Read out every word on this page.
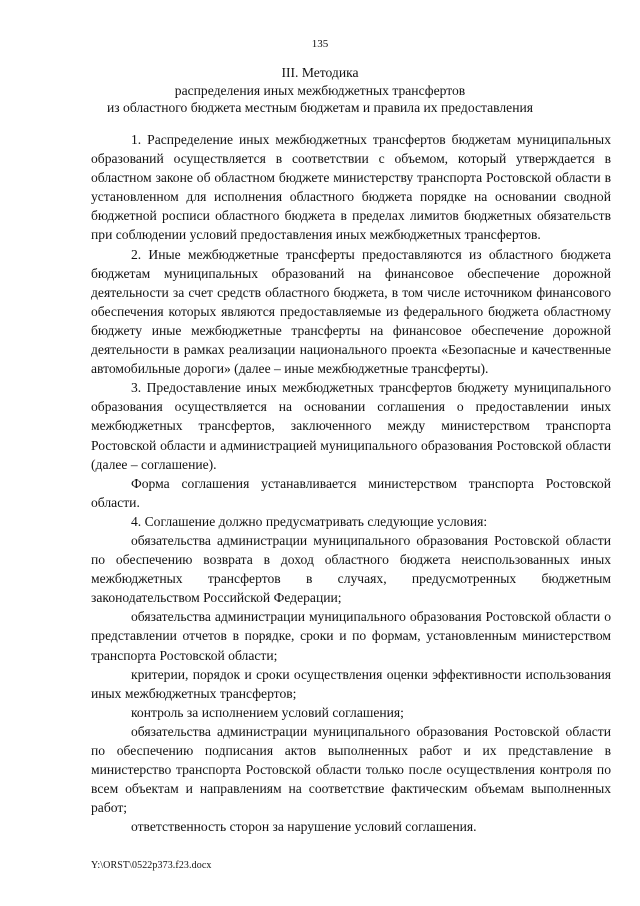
135
III. Методика
распределения иных межбюджетных трансфертов
из областного бюджета местным бюджетам и правила их предоставления

1. Распределение иных межбюджетных трансфертов бюджетам муниципальных образований осуществляется в соответствии с объемом, который утверждается в областном законе об областном бюджете министерству транспорта Ростовской области в установленном для исполнения областного бюджета порядке на основании сводной бюджетной росписи областного бюджета в пределах лимитов бюджетных обязательств при соблюдении условий предоставления иных межбюджетных трансфертов.

2. Иные межбюджетные трансферты предоставляются из областного бюджета бюджетам муниципальных образований на финансовое обеспечение дорожной деятельности за счет средств областного бюджета, в том числе источником финансового обеспечения которых являются предоставляемые из федерального бюджета областному бюджету иные межбюджетные трансферты на финансовое обеспечение дорожной деятельности в рамках реализации национального проекта «Безопасные и качественные автомобильные дороги» (далее – иные межбюджетные трансферты).

3. Предоставление иных межбюджетных трансфертов бюджету муниципального образования осуществляется на основании соглашения о предоставлении иных межбюджетных трансфертов, заключенного между министерством транспорта Ростовской области и администрацией муниципального образования Ростовской области (далее – соглашение).

Форма соглашения устанавливается министерством транспорта Ростовской области.

4. Соглашение должно предусматривать следующие условия:

обязательства администрации муниципального образования Ростовской области по обеспечению возврата в доход областного бюджета неиспользованных иных межбюджетных трансфертов в случаях, предусмотренных бюджетным законодательством Российской Федерации;

обязательства администрации муниципального образования Ростовской области о представлении отчетов в порядке, сроки и по формам, установленным министерством транспорта Ростовской области;

критерии, порядок и сроки осуществления оценки эффективности использования иных межбюджетных трансфертов;

контроль за исполнением условий соглашения;

обязательства администрации муниципального образования Ростовской области по обеспечению подписания актов выполненных работ и их представление в министерство транспорта Ростовской области только после осуществления контроля по всем объектам и направлениям на соответствие фактическим объемам выполненных работ;

ответственность сторон за нарушение условий соглашения.

Y:\ORST\0522p373.f23.docx
